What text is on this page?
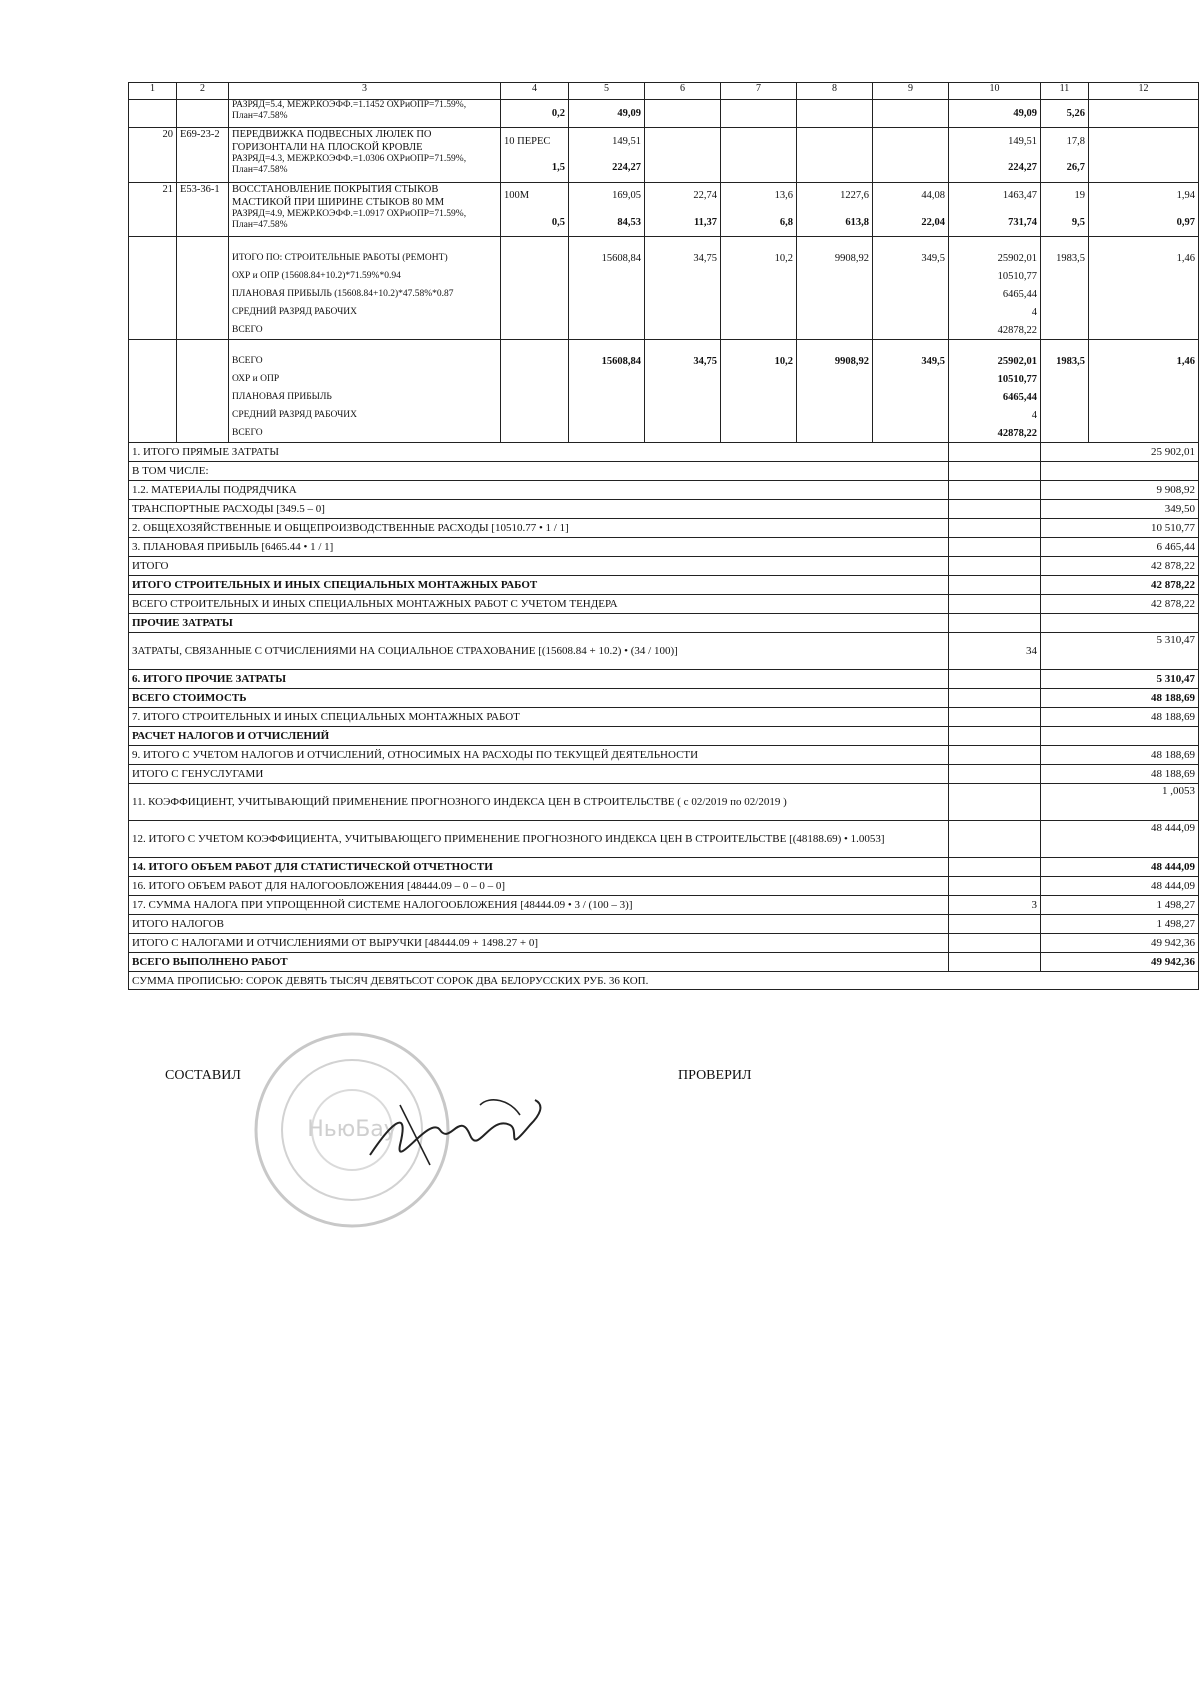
1	2	3	4	5	6	7	8	9	10	11	12
		РАЗРЯД=5.4, МЕЖР.КОЭФФ.=1.1452 ОХРиОПР=71.59%, План=47.58%	0,2	49,09					49,09	5,26	
20	Е69-23-2	ПЕРЕДВИЖКА ПОДВЕСНЫХ ЛЮЛЕК ПО ГОРИЗОНТАЛИ НА ПЛОСКОЙ КРОВЛЕ	10 ПЕРЕС	149,51					149,51	17,8	
		РАЗРЯД=4.3, МЕЖР.КОЭФФ.=1.0306 ОХРиОПР=71.59%, План=47.58%	1,5	224,27					224,27	26,7	
21	Е53-36-1	ВОССТАНОВЛЕНИЕ ПОКРЫТИЯ СТЫКОВ МАСТИКОЙ ПРИ ШИРИНЕ СТЫКОВ 80 ММ	100М	169,05	22,74	13,6	1227,6	44,08	1463,47	19	1,94
		РАЗРЯД=4.9, МЕЖР.КОЭФФ.=1.0917 ОХРиОПР=71.59%, План=47.58%	0,5	84,53	11,37	6,8	613,8	22,04	731,74	9,5	0,97

		ИТОГО ПО: СТРОИТЕЛЬНЫЕ РАБОТЫ (РЕМОНТ)		15608,84	34,75	10,2	9908,92	349,5	25902,01	1983,5	1,46
		ОХР и ОПР (15608.84+10.2)*71.59%*0.94							10510,77		
		ПЛАНОВАЯ ПРИБЫЛЬ (15608.84+10.2)*47.58%*0.87							6465,44		
		СРЕДНИЙ РАЗРЯД РАБОЧИХ							4		
		ВСЕГО							42878,22		

		ВСЕГО		15608,84	34,75	10,2	9908,92	349,5	25902,01	1983,5	1,46
		ОХР и ОПР							10510,77		
		ПЛАНОВАЯ ПРИБЫЛЬ							6465,44		
		СРЕДНИЙ РАЗРЯД РАБОЧИХ							4		
		ВСЕГО							42878,22		
1. ИТОГО ПРЯМЫЕ ЗАТРАТЫ											25 902,01
В ТОМ ЧИСЛЕ:											
1.2. МАТЕРИАЛЫ ПОДРЯДЧИКА											9 908,92
ТРАНСПОРТНЫЕ РАСХОДЫ [349.5 – 0]											349,50
2. ОБЩЕХОЗЯЙСТВЕННЫЕ И ОБЩЕПРОИЗВОДСТВЕННЫЕ РАСХОДЫ [10510.77 • 1 / 1]											10 510,77
3. ПЛАНОВАЯ ПРИБЫЛЬ [6465.44 • 1 / 1]											6 465,44
ИТОГО											42 878,22
ИТОГО СТРОИТЕЛЬНЫХ И ИНЫХ СПЕЦИАЛЬНЫХ МОНТАЖНЫХ РАБОТ											42 878,22
ВСЕГО СТРОИТЕЛЬНЫХ И ИНЫХ СПЕЦИАЛЬНЫХ МОНТАЖНЫХ РАБОТ С УЧЕТОМ ТЕНДЕРА											42 878,22
ПРОЧИЕ ЗАТРАТЫ											
ЗАТРАТЫ, СВЯЗАННЫЕ С ОТЧИСЛЕНИЯМИ НА СОЦИАЛЬНОЕ СТРАХОВАНИЕ [(15608.84 + 10.2) • (34 / 100)]									34		5 310,47
6. ИТОГО ПРОЧИЕ ЗАТРАТЫ											5 310,47
ВСЕГО СТОИМОСТЬ											48 188,69
7. ИТОГО СТРОИТЕЛЬНЫХ И ИНЫХ СПЕЦИАЛЬНЫХ МОНТАЖНЫХ РАБОТ											48 188,69
РАСЧЕТ НАЛОГОВ И ОТЧИСЛЕНИЙ											
9. ИТОГО С УЧЕТОМ НАЛОГОВ И ОТЧИСЛЕНИЙ, ОТНОСИМЫХ НА РАСХОДЫ ПО ТЕКУЩЕЙ ДЕЯТЕЛЬНОСТИ											48 188,69
ИТОГО С ГЕНУСЛУГАМИ											48 188,69
11. КОЭФФИЦИЕНТ, УЧИТЫВАЮЩИЙ ПРИМЕНЕНИЕ ПРОГНОЗНОГО ИНДЕКСА ЦЕН В СТРОИТЕЛЬСТВЕ ( с 02/2019 по 02/2019 )											1 ,0053
12. ИТОГО С УЧЕТОМ КОЭФФИЦИЕНТА, УЧИТЫВАЮЩЕГО ПРИМЕНЕНИЕ ПРОГНОЗНОГО ИНДЕКСА ЦЕН В СТРОИТЕЛЬСТВЕ [(48188.69) • 1.0053]											48 444,09
14. ИТОГО ОБЪЕМ РАБОТ ДЛЯ СТАТИСТИЧЕСКОЙ ОТЧЕТНОСТИ											48 444,09
16. ИТОГО ОБЪЕМ РАБОТ ДЛЯ НАЛОГООБЛОЖЕНИЯ [48444.09 – 0 – 0 – 0]											48 444,09
17. СУММА НАЛОГА ПРИ УПРОЩЕННОЙ СИСТЕМЕ НАЛОГООБЛОЖЕНИЯ [48444.09 • 3 / (100 – 3)]									3		1 498,27
ИТОГО НАЛОГОВ											1 498,27
ИТОГО С НАЛОГАМИ И ОТЧИСЛЕНИЯМИ ОТ ВЫРУЧКИ [48444.09 + 1498.27 + 0]											49 942,36
ВСЕГО ВЫПОЛНЕНО РАБОТ											49 942,36
СУММА ПРОПИСЬЮ: СОРОК ДЕВЯТЬ ТЫСЯЧ ДЕВЯТЬСОТ СОРОК ДВА БЕЛОРУССКИХ РУБ. 36 КОП.											
СОСТАВИЛ	ПРОВЕРИЛ
НьюБау
